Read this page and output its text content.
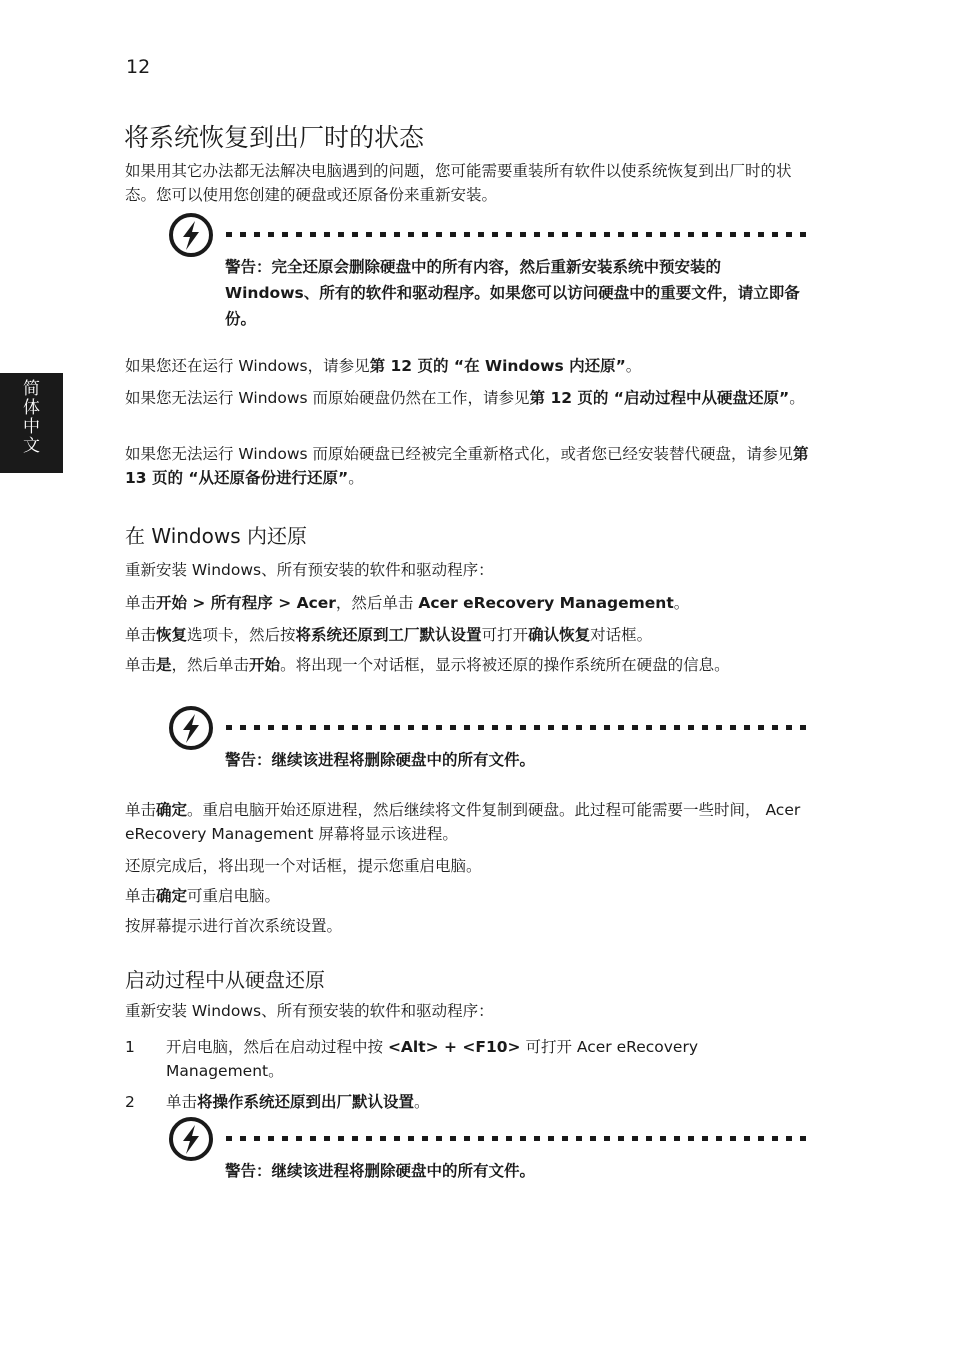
12
简
体
中
文
将系统恢复到出厂时的状态

如果用其它办法都无法解决电脑遇到的问题，您可能需要重装所有软件以使系统恢复到出厂时的状态。您可以使用您创建的硬盘或还原备份来重新安装。

警告：完全还原会删除硬盘中的所有内容，然后重新安装系统中预安装的 Windows、所有的软件和驱动程序。如果您可以访问硬盘中的重要文件，请立即备份。

如果您还在运行 Windows，请参见第 12 页的 “在 Windows 内还原”。

如果您无法运行 Windows 而原始硬盘仍然在工作，请参见第 12 页的 “启动过程中从硬盘还原”。

如果您无法运行 Windows 而原始硬盘已经被完全重新格式化，或者您已经安装替代硬盘，请参见第 13 页的 “从还原备份进行还原”。

在 Windows 内还原

重新安装 Windows、所有预安装的软件和驱动程序：

单击开始 > 所有程序 > Acer，然后单击 Acer eRecovery Management。

单击恢复选项卡，然后按将系统还原到工厂默认设置可打开确认恢复对话框。

单击是，然后单击开始。将出现一个对话框，显示将被还原的操作系统所在硬盘的信息。

警告：继续该进程将删除硬盘中的所有文件。

单击确定。重启电脑开始还原进程，然后继续将文件复制到硬盘。此过程可能需要一些时间， Acer eRecovery Management 屏幕将显示该进程。

还原完成后，将出现一个对话框，提示您重启电脑。

单击确定可重启电脑。

按屏幕提示进行首次系统设置。

启动过程中从硬盘还原

重新安装 Windows、所有预安装的软件和驱动程序：

1 开启电脑，然后在启动过程中按 <Alt> + <F10> 可打开 Acer eRecovery Management。

2 单击将操作系统还原到出厂默认设置。

警告：继续该进程将删除硬盘中的所有文件。
